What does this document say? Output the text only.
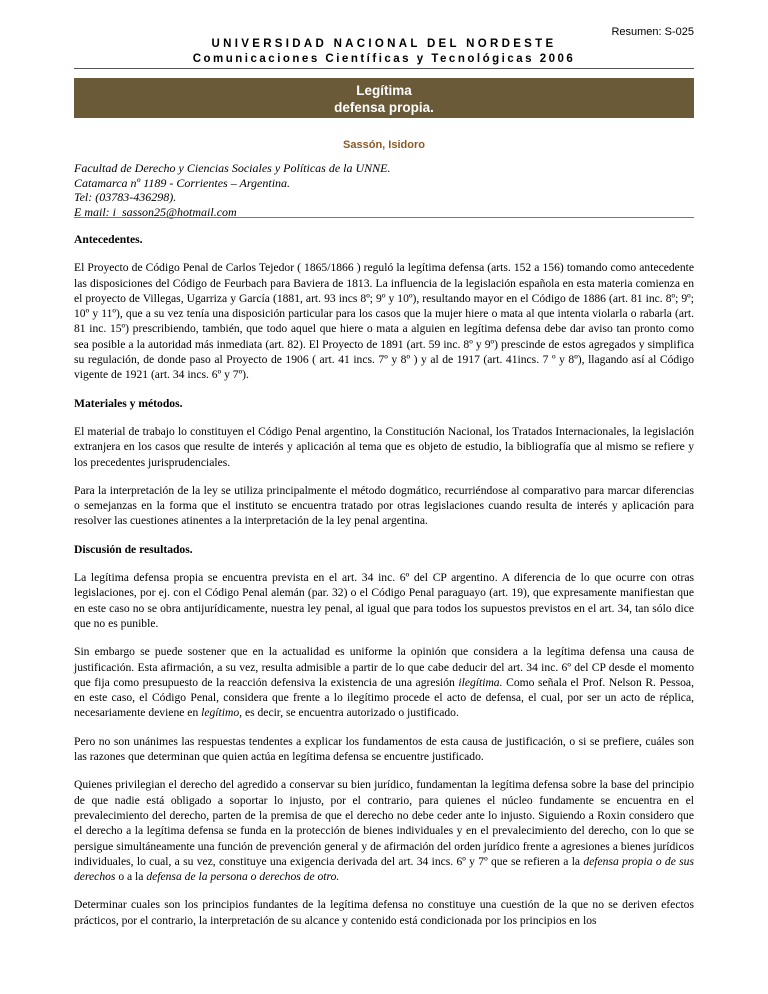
Resumen: S-025
UNIVERSIDAD NACIONAL DEL NORDESTE
Comunicaciones Científicas y Tecnológicas 2006
Legítima
defensa propia.
Sassón, Isidoro
Facultad de Derecho y Ciencias Sociales y Políticas de la UNNE.
Catamarca nº 1189 - Corrientes – Argentina.
Tel: (03783-436298).
E mail: i_sasson25@hotmail.com
Antecedentes.

El Proyecto de Código Penal de Carlos Tejedor ( 1865/1866 ) reguló la legítima defensa (arts. 152 a 156) tomando como antecedente las disposiciones del Código de Feurbach para Baviera de 1813. La influencia de la legislación española en esta materia comienza en el proyecto de Villegas, Ugarriza y García (1881, art. 93 incs 8º; 9º y 10º), resultando mayor en el Código de 1886 (art. 81 inc. 8º; 9º; 10º y 11º), que a su vez tenía una disposición particular para los casos que la mujer hiere o mata al que intenta violarla o rabarla (art. 81 inc. 15º) prescribiendo, también, que todo aquel que hiere o mata a alguien en legítima defensa debe dar aviso tan pronto como sea posible a la autoridad más inmediata (art. 82). El Proyecto de 1891 (art. 59 inc. 8º y 9º) prescinde de estos agregados y simplifica su regulación, de donde paso al Proyecto de 1906 ( art. 41 incs. 7º y 8º ) y al de 1917 (art. 41incs. 7 º y 8º), llagando así al Código vigente de 1921 (art. 34 incs. 6º y 7º).

Materiales y métodos.

El material de trabajo lo constituyen el Código Penal argentino, la Constitución Nacional, los Tratados Internacionales, la legislación extranjera en los casos que resulte de interés y aplicación al tema que es objeto de estudio, la bibliografía que al mismo se refiere y los precedentes jurisprudenciales.

Para la interpretación de la ley se utiliza principalmente el método dogmático, recurriéndose al comparativo para marcar diferencias o semejanzas en la forma que el instituto se encuentra tratado por otras legislaciones cuando resulta de interés y aplicación para resolver las cuestiones atinentes a la interpretación de la ley penal argentina.

Discusión de resultados.

La legítima defensa propia se encuentra prevista en el art. 34 inc. 6º del CP argentino. A diferencia de lo que ocurre con otras legislaciones, por ej. con el Código Penal alemán (par. 32) o el Código Penal paraguayo (art. 19), que expresamente manifiestan que en este caso no se obra antijurídicamente, nuestra ley penal, al igual que para todos los supuestos previstos en el art. 34, tan sólo dice que no es punible.

Sin embargo se puede sostener que en la actualidad es uniforme la opinión que considera a la legítima defensa una causa de justificación. Esta afirmación, a su vez, resulta admisible a partir de lo que cabe deducir del art. 34 inc. 6º del CP desde el momento que fija como presupuesto de la reacción defensiva la existencia de una agresión ilegítima. Como señala el Prof. Nelson R. Pessoa, en este caso, el Código Penal, considera que frente a lo ilegítimo procede el acto de defensa, el cual, por ser un acto de réplica, necesariamente deviene en legítimo, es decir, se encuentra autorizado o justificado.

Pero no son unánimes las respuestas tendentes a explicar los fundamentos de esta causa de justificación, o si se prefiere, cuáles son las razones que determinan que quien actúa en legítima defensa se encuentre justificado.

Quienes privilegian el derecho del agredido a conservar su bien jurídico, fundamentan la legítima defensa sobre la base del principio de que nadie está obligado a soportar lo injusto, por el contrario, para quienes el núcleo fundamente se encuentra en el prevalecimiento del derecho, parten de la premisa de que el derecho no debe ceder ante lo injusto. Siguiendo a Roxin considero que el derecho a la legítima defensa se funda en la protección de bienes individuales y en el prevalecimiento del derecho, con lo que se persigue simultáneamente una función de prevención general y de afirmación del orden jurídico frente a agresiones a bienes jurídicos individuales, lo cual, a su vez, constituye una exigencia derivada del art. 34 incs. 6º y 7º que se refieren a la defensa propia o de sus derechos o a la defensa de la persona o derechos de otro.

Determinar cuales son los principios fundantes de la legítima defensa no constituye una cuestión de la que no se deriven efectos prácticos, por el contrario, la interpretación de su alcance y contenido está condicionada por los principios en los
